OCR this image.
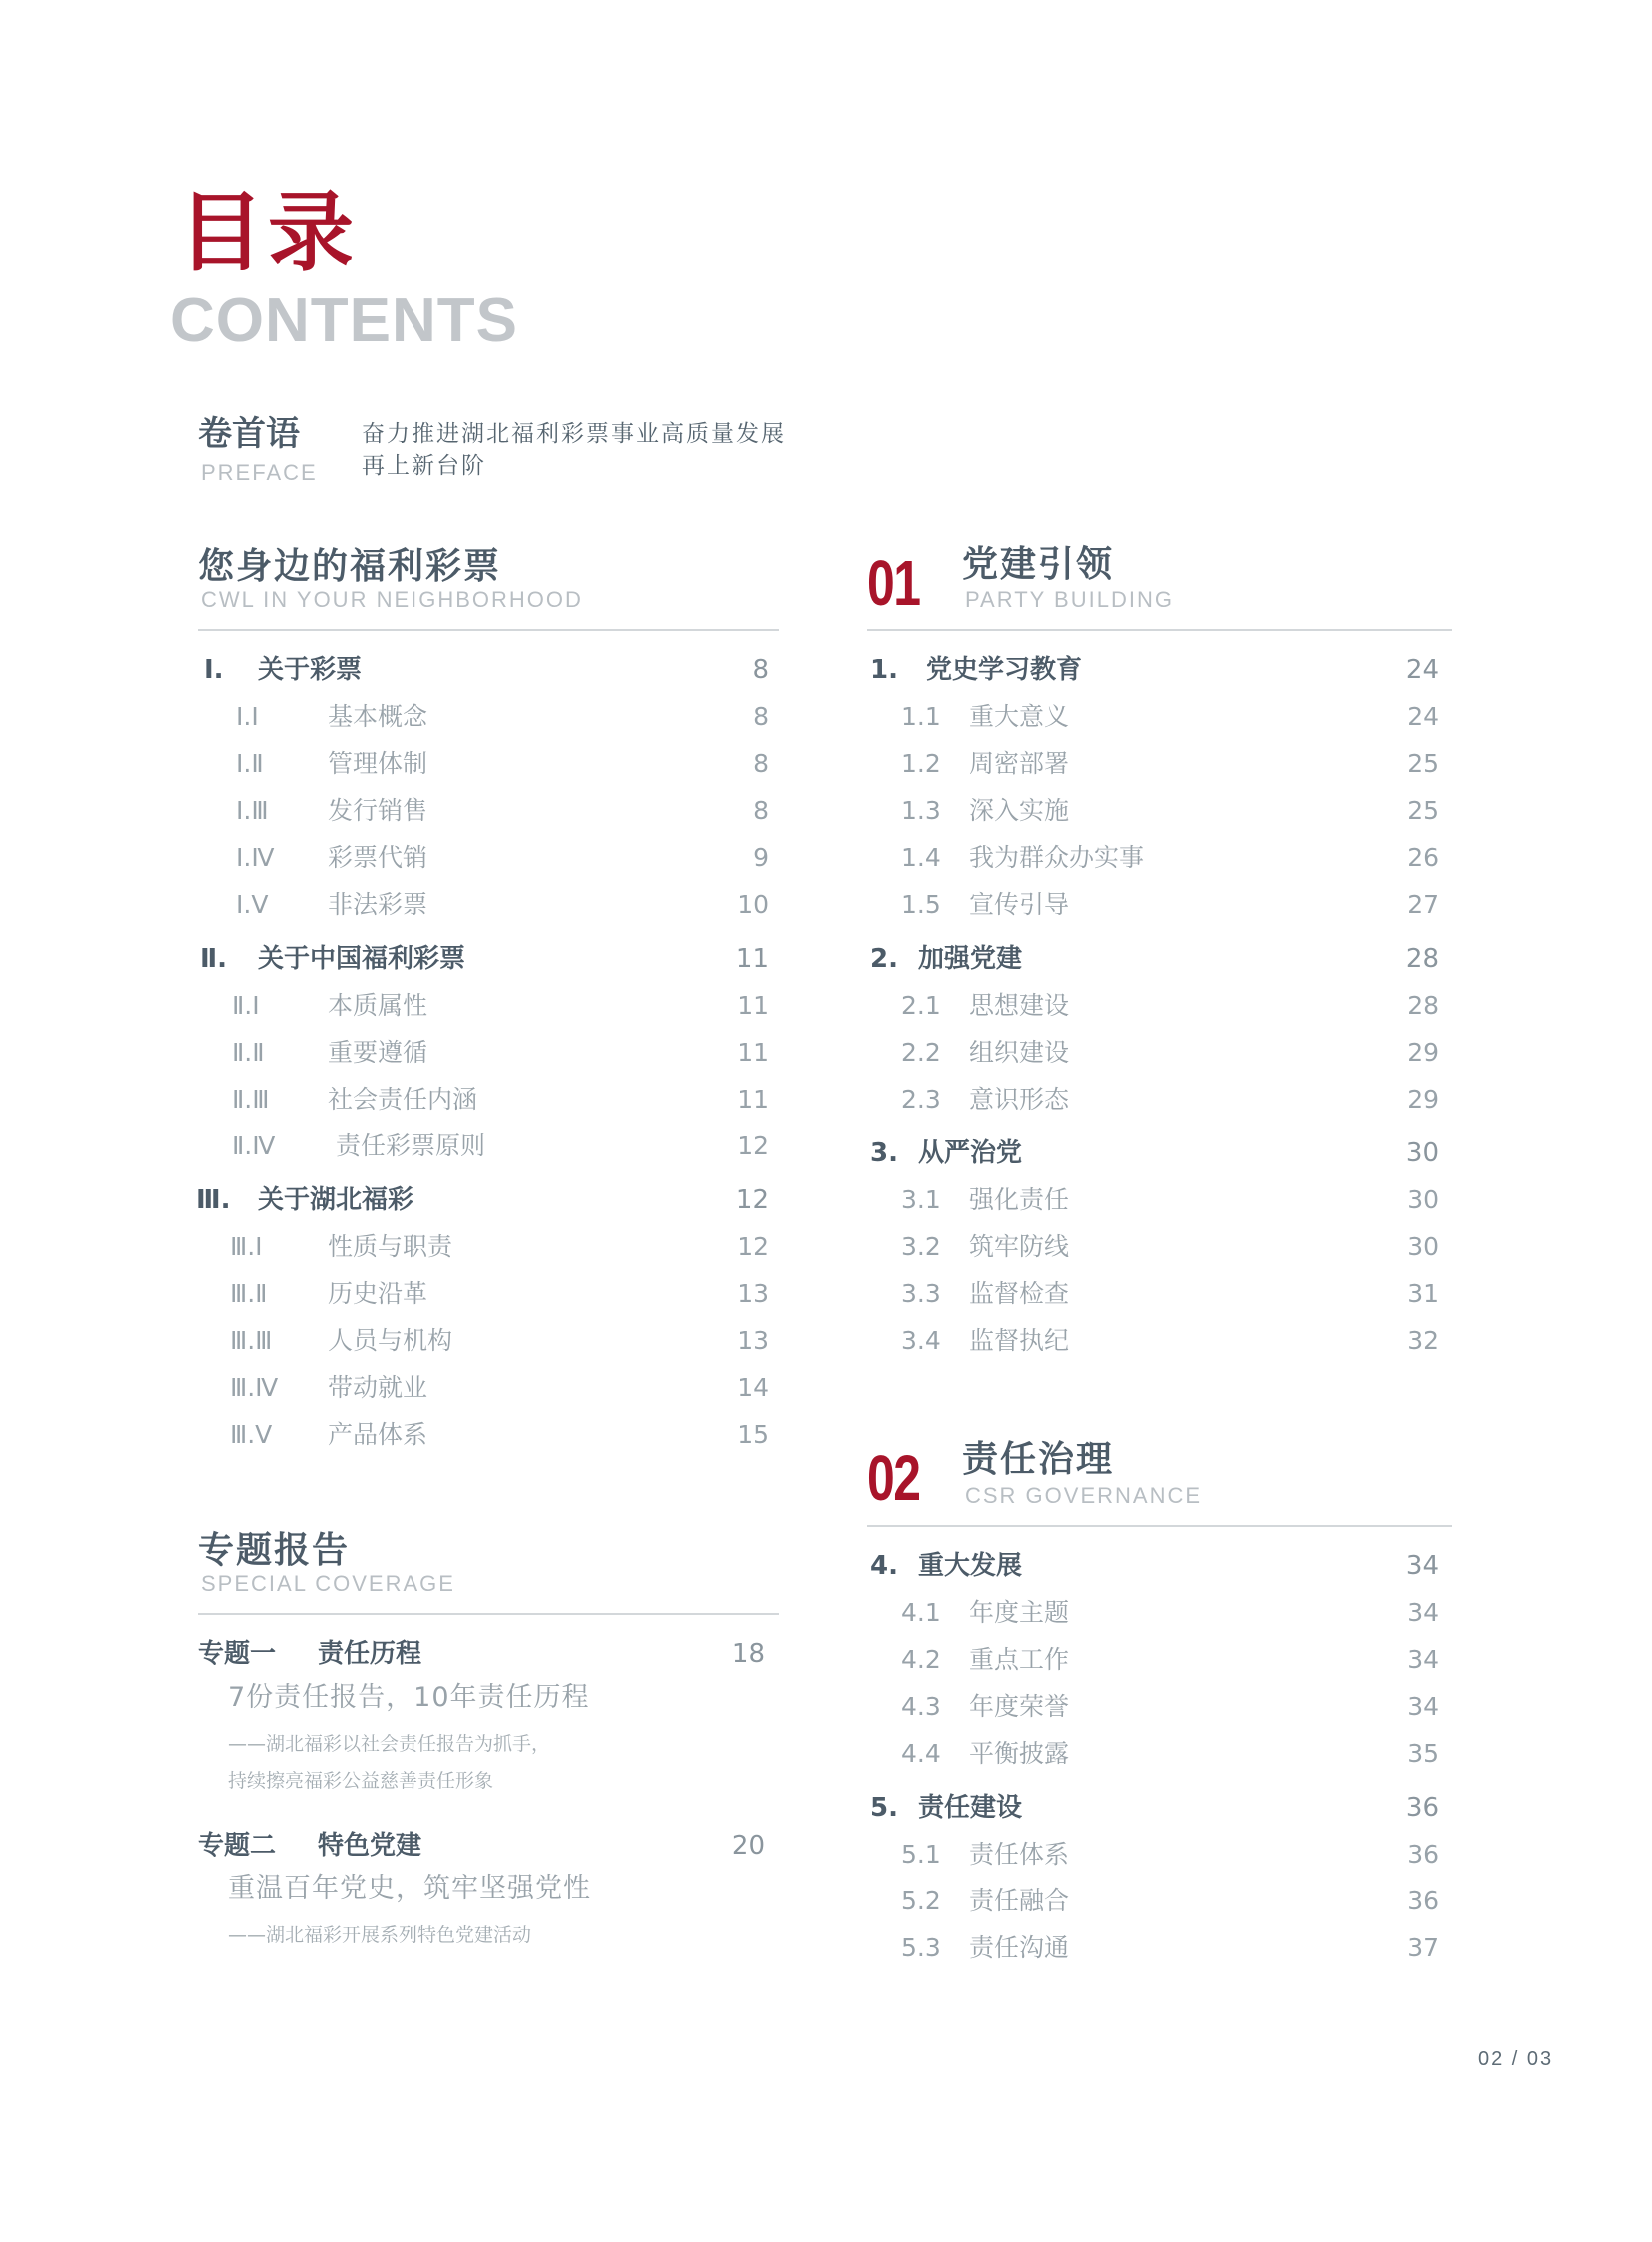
目录
CONTENTS
卷首语
PREFACE
奋力推进湖北福利彩票事业高质量发展
再上新台阶
您身边的福利彩票
CWL IN YOUR NEIGHBORHOOD
Ⅰ. 关于彩票	8
Ⅰ.Ⅰ	基本概念	8
Ⅰ.Ⅱ	管理体制	8
Ⅰ.Ⅲ 发行销售	8
Ⅰ.Ⅳ 彩票代销	9
Ⅰ.Ⅴ 非法彩票	10
Ⅱ. 关于中国福利彩票	11
Ⅱ.Ⅰ	本质属性	11
Ⅱ.Ⅱ	重要遵循	11
Ⅱ.Ⅲ 社会责任内涵	11
Ⅱ.Ⅳ 责任彩票原则	12
Ⅲ. 关于湖北福彩	12
Ⅲ.Ⅰ	性质与职责	12
Ⅲ.Ⅱ 历史沿革	13
Ⅲ.Ⅲ 人员与机构	13
Ⅲ.Ⅳ 带动就业	14
Ⅲ.Ⅴ 产品体系	15
专题报告
SPECIAL COVERAGE
专题一 责任历程	18
7份责任报告，10年责任历程
——湖北福彩以社会责任报告为抓手，
持续擦亮福彩公益慈善责任形象
专题二 特色党建	20
重温百年党史，筑牢坚强党性
——湖北福彩开展系列特色党建活动
01 党建引领
PARTY BUILDING
1. 党史学习教育	24
1.1 重大意义	24
1.2 周密部署	25
1.3 深入实施	25
1.4 我为群众办实事	26
1.5 宣传引导	27
2. 加强党建	28
2.1 思想建设	28
2.2 组织建设	29
2.3 意识形态	29
3. 从严治党	30
3.1 强化责任	30
3.2 筑牢防线	30
3.3 监督检查	31
3.4 监督执纪	32
02 责任治理
CSR GOVERNANCE
4. 重大发展	34
4.1 年度主题	34
4.2 重点工作	34
4.3 年度荣誉	34
4.4 平衡披露	35
5. 责任建设	36
5.1 责任体系	36
5.2 责任融合	36
5.3 责任沟通	37
02 / 03
